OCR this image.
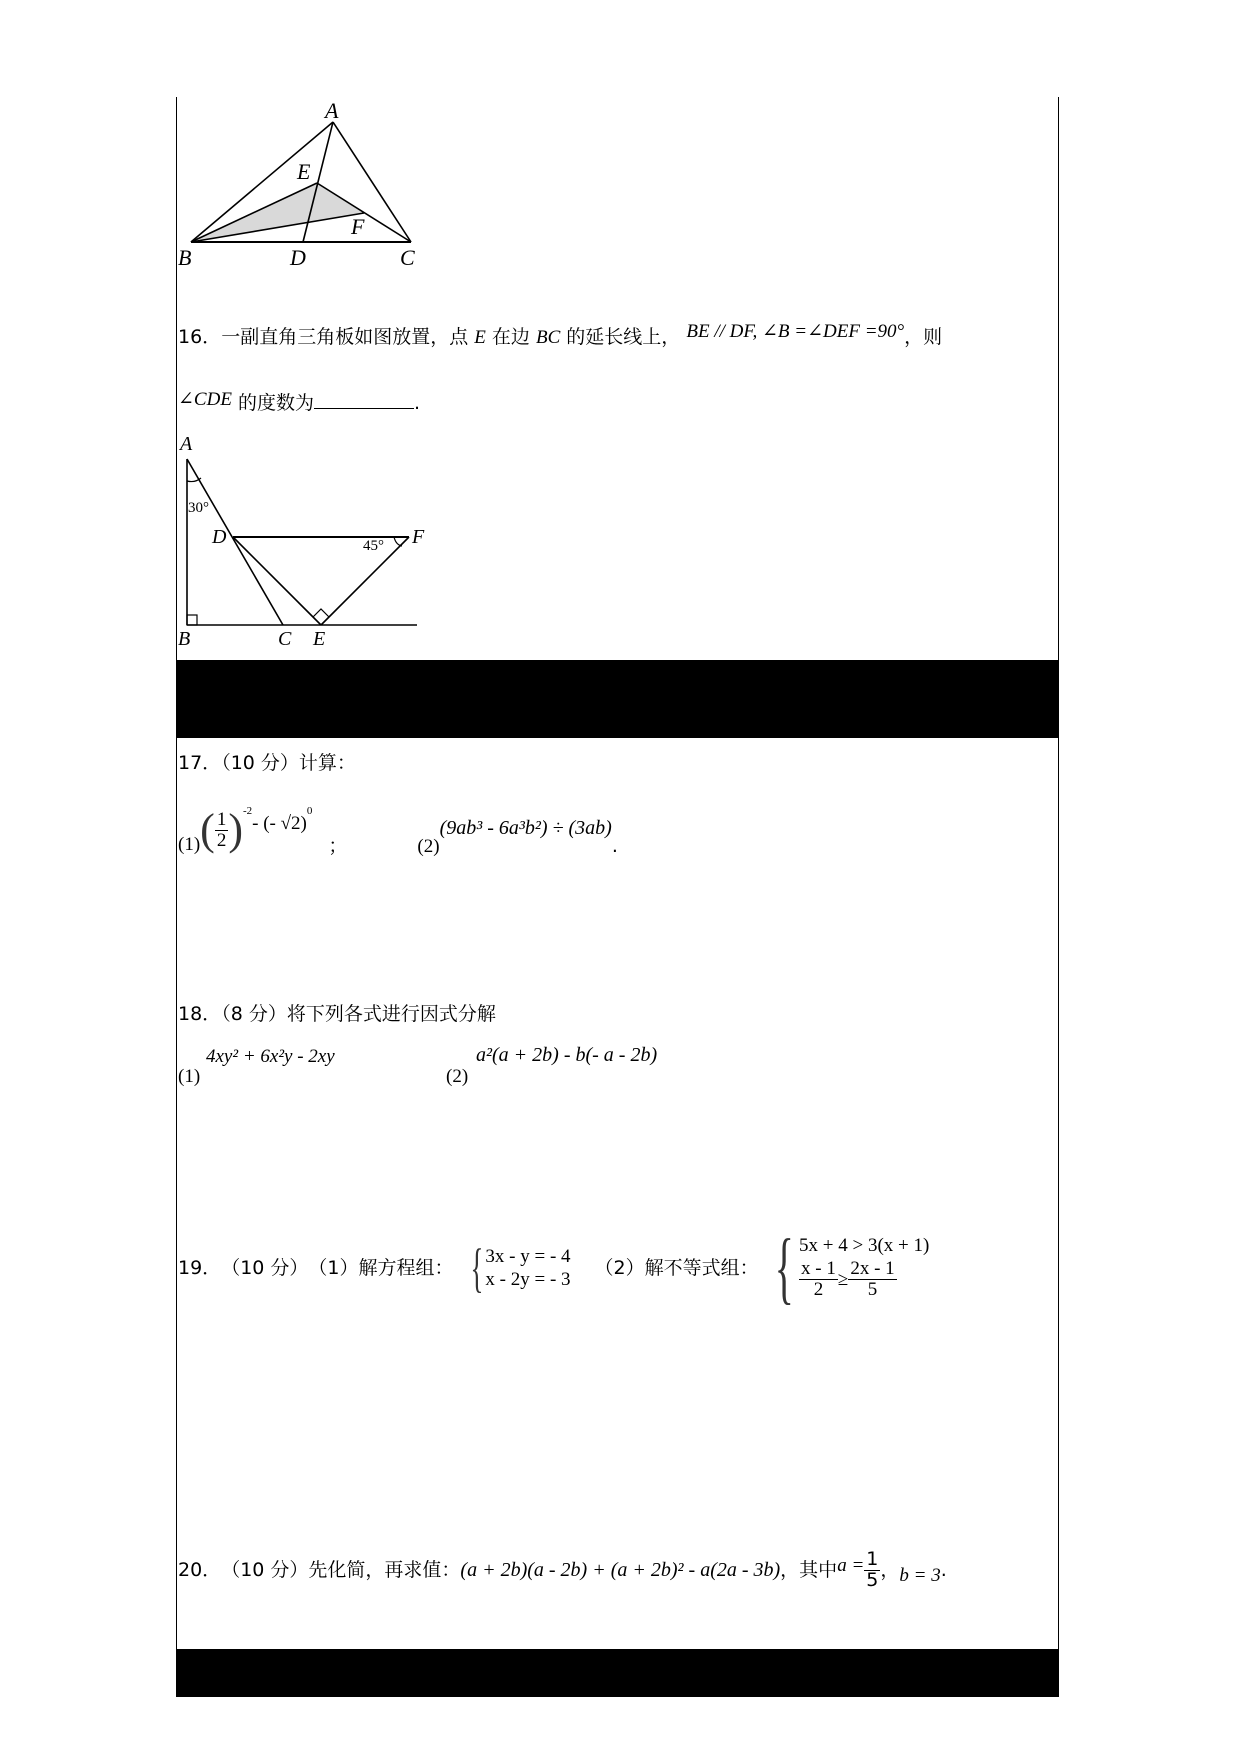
A
E
F
B	D	C
16．一副直角三角板如图放置，点 E 在边 BC 的延长线上， BE // DF, ∠B =∠DEF =90°，则
∠CDE 的度数为	.
A
30°
D	45° F
B	C E
17．（10 分）计算：
(1) ( $\frac{1}{2}$ ) -2
- (- √2)
0
；	(2)
(9ab³ - 6a³b²) ÷ (3ab)
.
18．（8 分）将下列各式进行因式分解
(1)
4xy² + 6x²y - 2xy
(2)
a²(a + 2b) - b(- a - 2b)
19． （10 分） （1）解方程组： { 3x - y = - 4
x - 2y = - 3
（2）解不等式组： { 5x + 4 > 3(x + 1)
$\frac{x - 1}{2} \ge \frac{2x - 1}{5}$
20． （10 分） 先化简，再求值： (a + 2b)(a - 2b) + (a + 2b)² - a(2a - 3b) ，其中 $a = \frac{1}{5}$ ， b = 3 .
